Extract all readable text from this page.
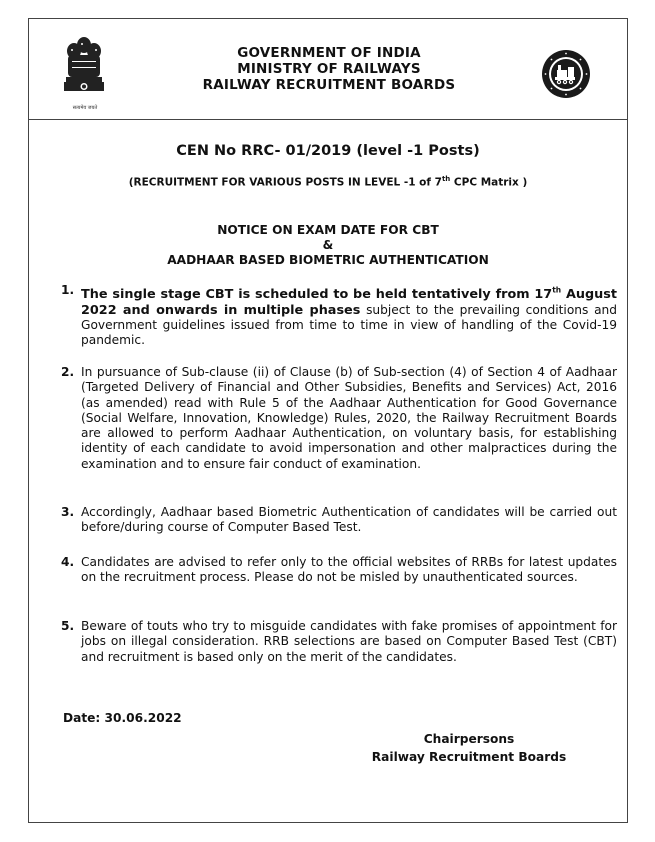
सत्यमेव जयते
GOVERNMENT OF INDIA
MINISTRY OF RAILWAYS
RAILWAY RECRUITMENT BOARDS
CEN No RRC- 01/2019 (level -1 Posts)
(RECRUITMENT FOR VARIOUS POSTS IN LEVEL -1 of 7th CPC Matrix )
NOTICE ON EXAM DATE FOR CBT
&
AADHAAR BASED BIOMETRIC AUTHENTICATION
1. The single stage CBT is scheduled to be held tentatively from 17th August 2022 and onwards in multiple phases subject to the prevailing conditions and Government guidelines issued from time to time in view of handling of the Covid-19 pandemic.
2. In pursuance of Sub-clause (ii) of Clause (b) of Sub-section (4) of Section 4 of Aadhaar (Targeted Delivery of Financial and Other Subsidies, Benefits and Services) Act, 2016 (as amended) read with Rule 5 of the Aadhaar Authentication for Good Governance (Social Welfare, Innovation, Knowledge) Rules, 2020, the Railway Recruitment Boards are allowed to perform Aadhaar Authentication, on voluntary basis, for establishing identity of each candidate to avoid impersonation and other malpractices during the examination and to ensure fair conduct of examination.
3. Accordingly, Aadhaar based Biometric Authentication of candidates will be carried out before/during course of Computer Based Test.
4. Candidates are advised to refer only to the official websites of RRBs for latest updates on the recruitment process. Please do not be misled by unauthenticated sources.
5. Beware of touts who try to misguide candidates with fake promises of appointment for jobs on illegal consideration. RRB selections are based on Computer Based Test (CBT) and recruitment is based only on the merit of the candidates.
Date: 30.06.2022
Chairpersons
Railway Recruitment Boards
